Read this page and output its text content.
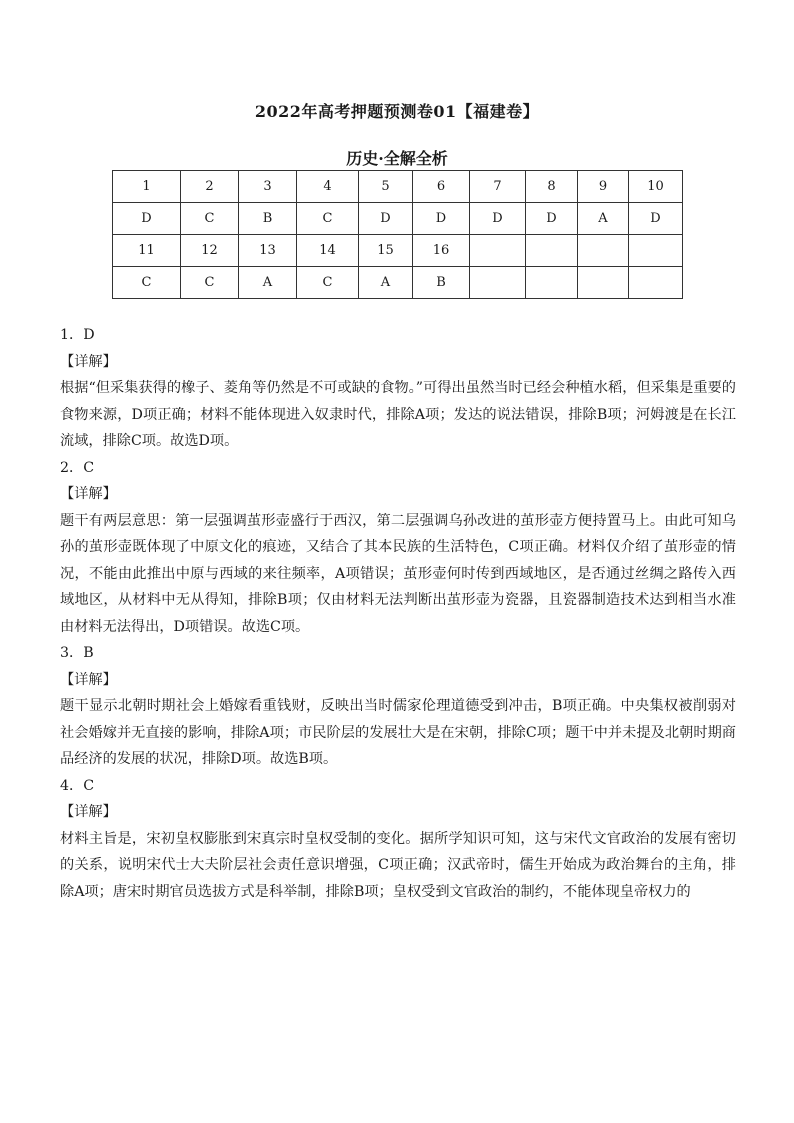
2022年高考押题预测卷01【福建卷】
历史·全解全析
1	2	3	4	5	6	7	8	9	10
D	C	B	C	D	D	D	D	A	D
11	12	13	14	15	16				
C	C	A	C	A	B				

1．D

【详解】

根据“但采集获得的橡子、菱角等仍然是不可或缺的食物。”可得出虽然当时已经会种植水稻，但采集是重要的食物来源，D项正确；材料不能体现进入奴隶时代，排除A项；发达的说法错误，排除B项；河姆渡是在长江流域，排除C项。故选D项。

2．C

【详解】

题干有两层意思：第一层强调茧形壶盛行于西汉，第二层强调乌孙改进的茧形壶方便持置马上。由此可知乌孙的茧形壶既体现了中原文化的痕迹，又结合了其本民族的生活特色，C项正确。材料仅介绍了茧形壶的情况，不能由此推出中原与西域的来往频率，A项错误；茧形壶何时传到西域地区，是否通过丝绸之路传入西域地区，从材料中无从得知，排除B项；仅由材料无法判断出茧形壶为瓷器，且瓷器制造技术达到相当水准由材料无法得出，D项错误。故选C项。

3．B

【详解】

题干显示北朝时期社会上婚嫁看重钱财，反映出当时儒家伦理道德受到冲击，B项正确。中央集权被削弱对社会婚嫁并无直接的影响，排除A项；市民阶层的发展壮大是在宋朝，排除C项；题干中并未提及北朝时期商品经济的发展的状况，排除D项。故选B项。

4．C

【详解】

材料主旨是，宋初皇权膨胀到宋真宗时皇权受制的变化。据所学知识可知，这与宋代文官政治的发展有密切的关系，说明宋代士大夫阶层社会责任意识增强，C项正确；汉武帝时，儒生开始成为政治舞台的主角，排除A项；唐宋时期官员选拔方式是科举制，排除B项；皇权受到文官政治的制约，不能体现皇帝权力的
